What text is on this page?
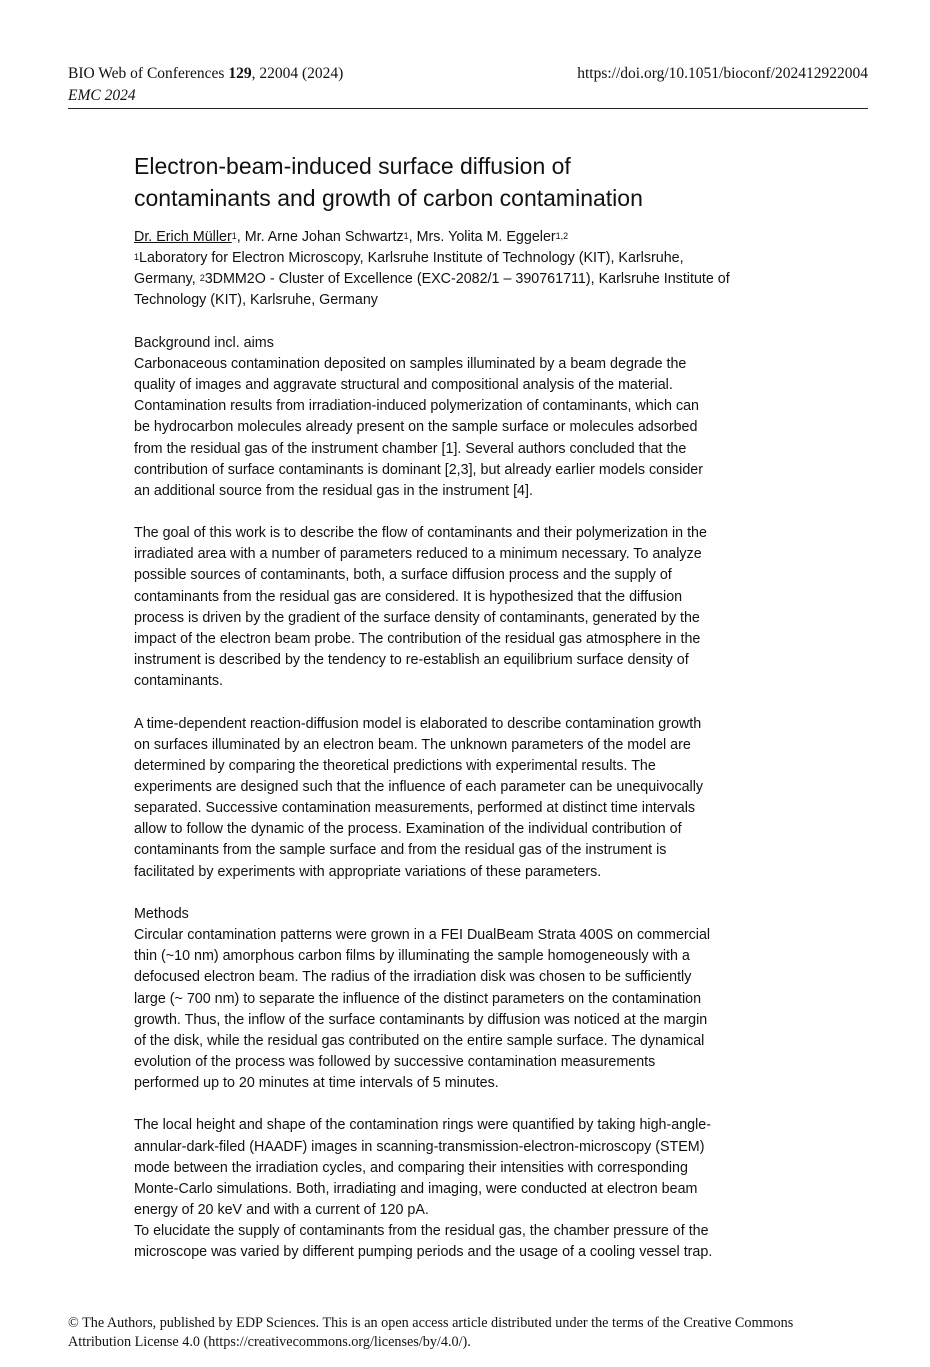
BIO Web of Conferences 129, 22004 (2024)
EMC 2024
https://doi.org/10.1051/bioconf/202412922004
Electron-beam-induced surface diffusion of
contaminants and growth of carbon contamination

Dr. Erich Müller$^1$, Mr. Arne Johan Schwartz$^1$, Mrs. Yolita M. Eggeler$^{1,2}$

$^1$Laboratory for Electron Microscopy, Karlsruhe Institute of Technology (KIT), Karlsruhe,
Germany, $^2$3DMM2O - Cluster of Excellence (EXC-2082/1 – 390761711), Karlsruhe Institute of
Technology (KIT), Karlsruhe, Germany

Background incl. aims

Carbonaceous contamination deposited on samples illuminated by a beam degrade the
quality of images and aggravate structural and compositional analysis of the material.
Contamination results from irradiation-induced polymerization of contaminants, which can
be hydrocarbon molecules already present on the sample surface or molecules adsorbed
from the residual gas of the instrument chamber [1]. Several authors concluded that the
contribution of surface contaminants is dominant [2,3], but already earlier models consider
an additional source from the residual gas in the instrument [4].

The goal of this work is to describe the flow of contaminants and their polymerization in the
irradiated area with a number of parameters reduced to a minimum necessary. To analyze
possible sources of contaminants, both, a surface diffusion process and the supply of
contaminants from the residual gas are considered. It is hypothesized that the diffusion
process is driven by the gradient of the surface density of contaminants, generated by the
impact of the electron beam probe. The contribution of the residual gas atmosphere in the
instrument is described by the tendency to re-establish an equilibrium surface density of
contaminants.

A time-dependent reaction-diffusion model is elaborated to describe contamination growth
on surfaces illuminated by an electron beam. The unknown parameters of the model are
determined by comparing the theoretical predictions with experimental results. The
experiments are designed such that the influence of each parameter can be unequivocally
separated. Successive contamination measurements, performed at distinct time intervals
allow to follow the dynamic of the process. Examination of the individual contribution of
contaminants from the sample surface and from the residual gas of the instrument is
facilitated by experiments with appropriate variations of these parameters.

Methods

Circular contamination patterns were grown in a FEI DualBeam Strata 400S on commercial
thin (~10 nm) amorphous carbon films by illuminating the sample homogeneously with a
defocused electron beam. The radius of the irradiation disk was chosen to be sufficiently
large (~ 700 nm) to separate the influence of the distinct parameters on the contamination
growth. Thus, the inflow of the surface contaminants by diffusion was noticed at the margin
of the disk, while the residual gas contributed on the entire sample surface. The dynamical
evolution of the process was followed by successive contamination measurements
performed up to 20 minutes at time intervals of 5 minutes.

The local height and shape of the contamination rings were quantified by taking high-angle-
annular-dark-filed (HAADF) images in scanning-transmission-electron-microscopy (STEM)
mode between the irradiation cycles, and comparing their intensities with corresponding
Monte-Carlo simulations. Both, irradiating and imaging, were conducted at electron beam
energy of 20 keV and with a current of 120 pA.
To elucidate the supply of contaminants from the residual gas, the chamber pressure of the
microscope was varied by different pumping periods and the usage of a cooling vessel trap.

© The Authors, published by EDP Sciences. This is an open access article distributed under the terms of the Creative Commons
Attribution License 4.0 (https://creativecommons.org/licenses/by/4.0/).
